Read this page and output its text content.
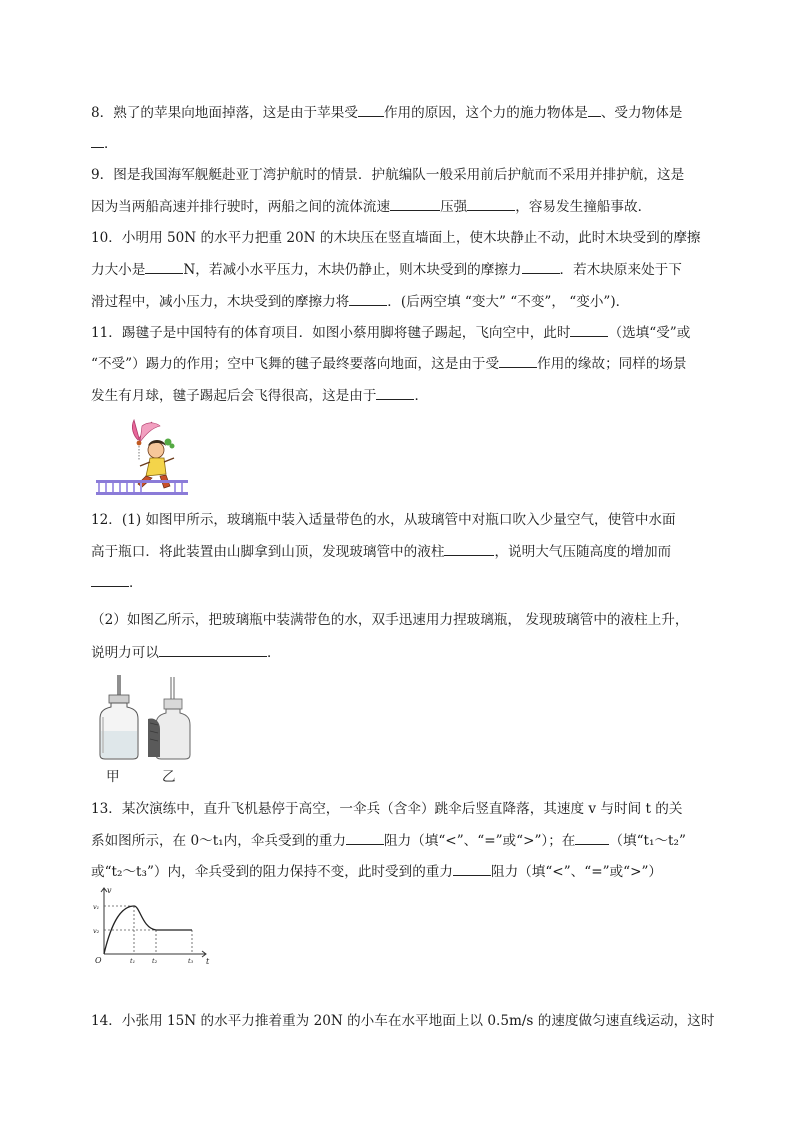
8．熟了的苹果向地面掉落，这是由于苹果受 作用的原因，这个力的施力物体是 、受力物体是
．
9．图是我国海军舰艇赴亚丁湾护航时的情景．护航编队一般采用前后护航而不采用并排护航，这是
因为当两船高速并排行驶时，两船之间的流体流速	压强	，容易发生撞船事故．
10．小明用 50N 的水平力把重 20N 的木块压在竖直墙面上，使木块静止不动，此时木块受到的摩擦
力大小是	N，若减小水平压力，木块仍静止，则木块受到的摩擦力	．若木块原来处于下
滑过程中，减小压力，木块受到的摩擦力将	．(后两空填 “变大” “不变”， “变小”)．
11．踢毽子是中国特有的体育项目．如图小蔡用脚将毽子踢起，飞向空中，此时	（选填“受”或
“不受”）踢力的作用；空中飞舞的毽子最终要落向地面，这是由于受	作用的缘故；同样的场景
发生有月球，毽子踢起后会飞得很高，这是由于	．
12．(1) 如图甲所示，玻璃瓶中装入适量带色的水，从玻璃管中对瓶口吹入少量空气，使管中水面
高于瓶口．将此装置由山脚拿到山顶，发现玻璃管中的液柱	，说明大气压随高度的增加而
．
（2）如图乙所示，把玻璃瓶中装满带色的水，双手迅速用力捏玻璃瓶， 发现玻璃管中的液柱上升，
说明力可以	．
甲	乙
13．某次演练中，直升飞机悬停于高空，一伞兵（含伞）跳伞后竖直降落，其速度 v 与时间 t 的关
系如图所示，在 0～t₁内，伞兵受到的重力	阻力（填“<”、“=”或“>”）；在	（填“t₁～t₂”
或“t₂～t₃”）内，伞兵受到的阻力保持不变，此时受到的重力	阻力（填“<”、“=”或“>”）
v
t
O
v₁
v₂
t₁	t₂	t₃
14．小张用 15N 的水平力推着重为 20N 的小车在水平地面上以 0.5m/s 的速度做匀速直线运动，这时
